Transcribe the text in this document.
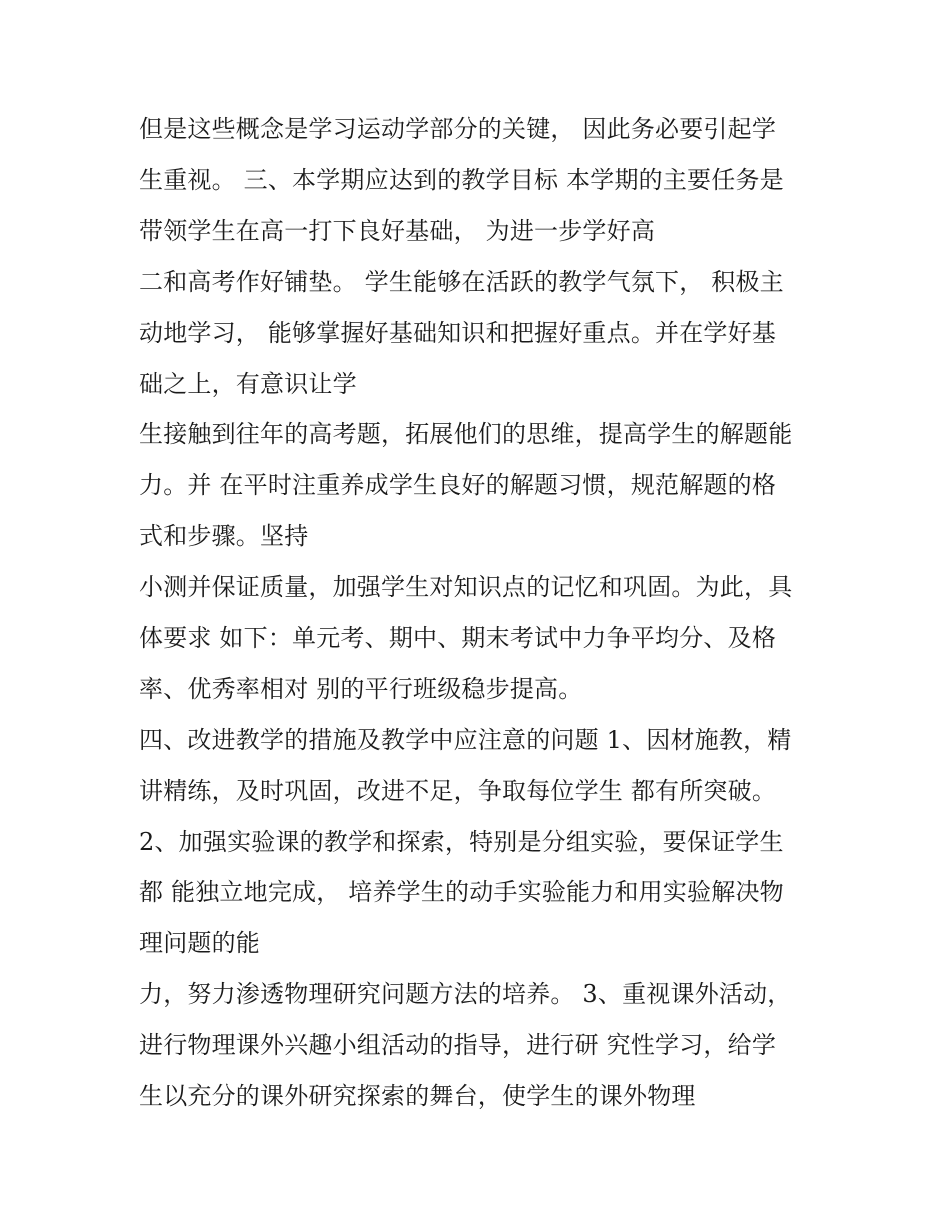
但是这些概念是学习运动学部分的关键， 因此务必要引起学

生重视。 三、本学期应达到的教学目标 本学期的主要任务是

带领学生在高一打下良好基础， 为进一步学好高

二和高考作好铺垫。 学生能够在活跃的教学气氛下， 积极主

动地学习， 能够掌握好基础知识和把握好重点。并在学好基

础之上，有意识让学

生接触到往年的高考题，拓展他们的思维，提高学生的解题能

力。并 在平时注重养成学生良好的解题习惯，规范解题的格

式和步骤。坚持

小测并保证质量，加强学生对知识点的记忆和巩固。为此，具

体要求 如下：单元考、期中、期末考试中力争平均分、及格

率、优秀率相对 别的平行班级稳步提高。

四、改进教学的措施及教学中应注意的问题 1、因材施教，精

讲精练，及时巩固，改进不足，争取每位学生 都有所突破。

2、加强实验课的教学和探索，特别是分组实验，要保证学生

都 能独立地完成， 培养学生的动手实验能力和用实验解决物

理问题的能

力，努力渗透物理研究问题方法的培养。 3、重视课外活动，

进行物理课外兴趣小组活动的指导，进行研 究性学习，给学

生以充分的课外研究探索的舞台，使学生的课外物理
